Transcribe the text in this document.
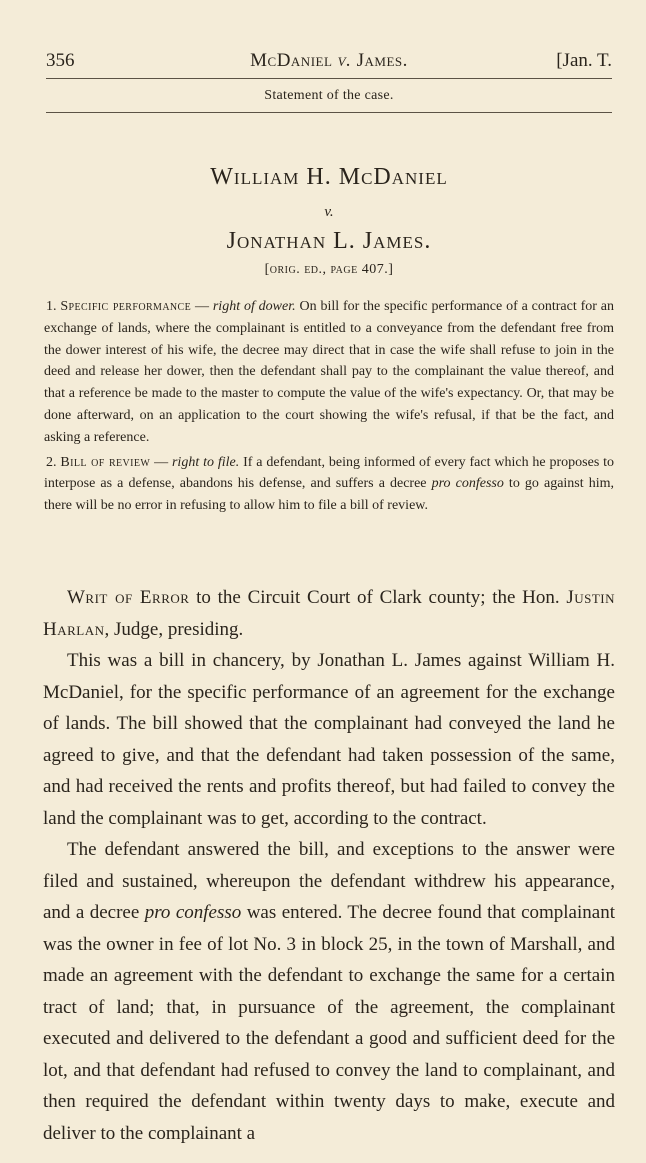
356	McDaniel v. James.	[Jan. T.
Statement of the case.
William H. McDaniel
v.
Jonathan L. James.
[orig. ed., page 407.]

1. Specific performance — right of dower. On bill for the specific performance of a contract for an exchange of lands, where the complainant is entitled to a conveyance from the defendant free from the dower interest of his wife, the decree may direct that in case the wife shall refuse to join in the deed and release her dower, then the defendant shall pay to the complainant the value thereof, and that a reference be made to the master to compute the value of the wife's expectancy. Or, that may be done afterward, on an application to the court showing the wife's refusal, if that be the fact, and asking a reference.

2. Bill of review — right to file. If a defendant, being informed of every fact which he proposes to interpose as a defense, abandons his defense, and suffers a decree pro confesso to go against him, there will be no error in refusing to allow him to file a bill of review.

Writ of Error to the Circuit Court of Clark county; the Hon. Justin Harlan, Judge, presiding.

This was a bill in chancery, by Jonathan L. James against William H. McDaniel, for the specific performance of an agreement for the exchange of lands. The bill showed that the complainant had conveyed the land he agreed to give, and that the defendant had taken possession of the same, and had received the rents and profits thereof, but had failed to convey the land the complainant was to get, according to the contract.

The defendant answered the bill, and exceptions to the answer were filed and sustained, whereupon the defendant withdrew his appearance, and a decree pro confesso was entered. The decree found that complainant was the owner in fee of lot No. 3 in block 25, in the town of Marshall, and made an agreement with the defendant to exchange the same for a certain tract of land; that, in pursuance of the agreement, the complainant executed and delivered to the defendant a good and sufficient deed for the lot, and that defendant had refused to convey the land to complainant, and then required the defendant within twenty days to make, execute and deliver to the complainant a
